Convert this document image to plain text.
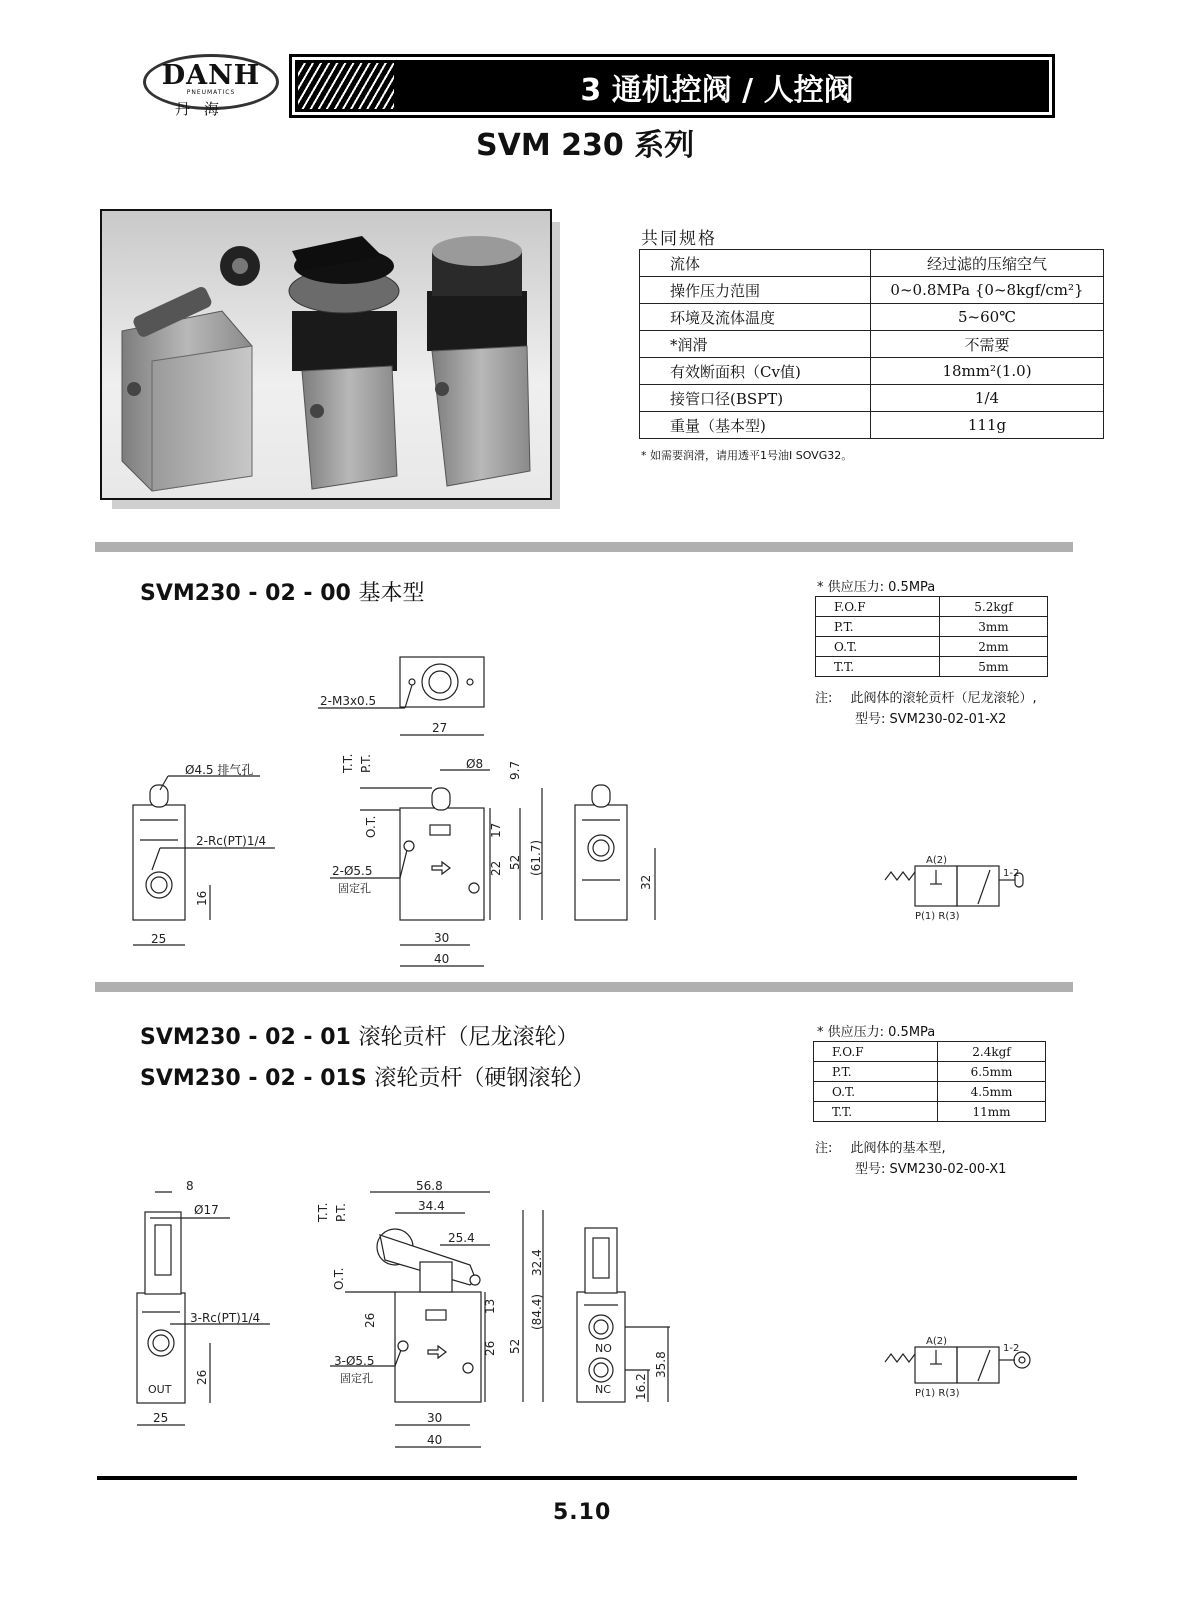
DANH
PNEUMATICS
丹海
3 通机控阀 / 人控阀
SVM 230 系列
共同规格
流体	经过滤的压缩空气
操作压力范围	0~0.8MPa {0~8kgf/cm²}
环境及流体温度	5~60℃
*润滑	不需要
有效断面积（Cv值)	18mm²(1.0)
接管口径(BSPT)	1/4
重量（基本型)	111g
* 如需要润滑，请用透平1号油I SOVG32。
SVM230 - 02 - 00 基本型	* 供应压力: 0.5MPa
F.O.F	5.2kgf
P.T.	3mm
O.T.	2mm
T.T.	5mm
注: 此阀体的滚轮贡杆（尼龙滚轮）,
型号: SVM230-02-01-X2
2-M3x0.5
27
Ø4.5 排气孔
2-Rc(PT)1/4
25
16
P.T.
T.T.
O.T.
Ø8 9.7
17
22 52 (61.7)
2-Ø5.5
固定孔
30
40
32
A(2)
P(1) R(3)
1-2
SVM230 - 02 - 01 滚轮贡杆（尼龙滚轮）
SVM230 - 02 - 01S 滚轮贡杆（硬钢滚轮）
* 供应压力: 0.5MPa
F.O.F	2.4kgf
P.T.	6.5mm
O.T.	4.5mm
T.T.	11mm
注: 此阀体的基本型,
型号: SVM230-02-00-X1
8
Ø17
3-Rc(PT)1/4
26
OUT
25
56.8
34.4
25.4
T.T. P.T.
O.T.
32.4
13
26 52
(84.4)
26
3-Ø5.5
固定孔
30
40
NO
NC 16.2
35.8
A(2)
P(1) R(3)
1-2
5.10
